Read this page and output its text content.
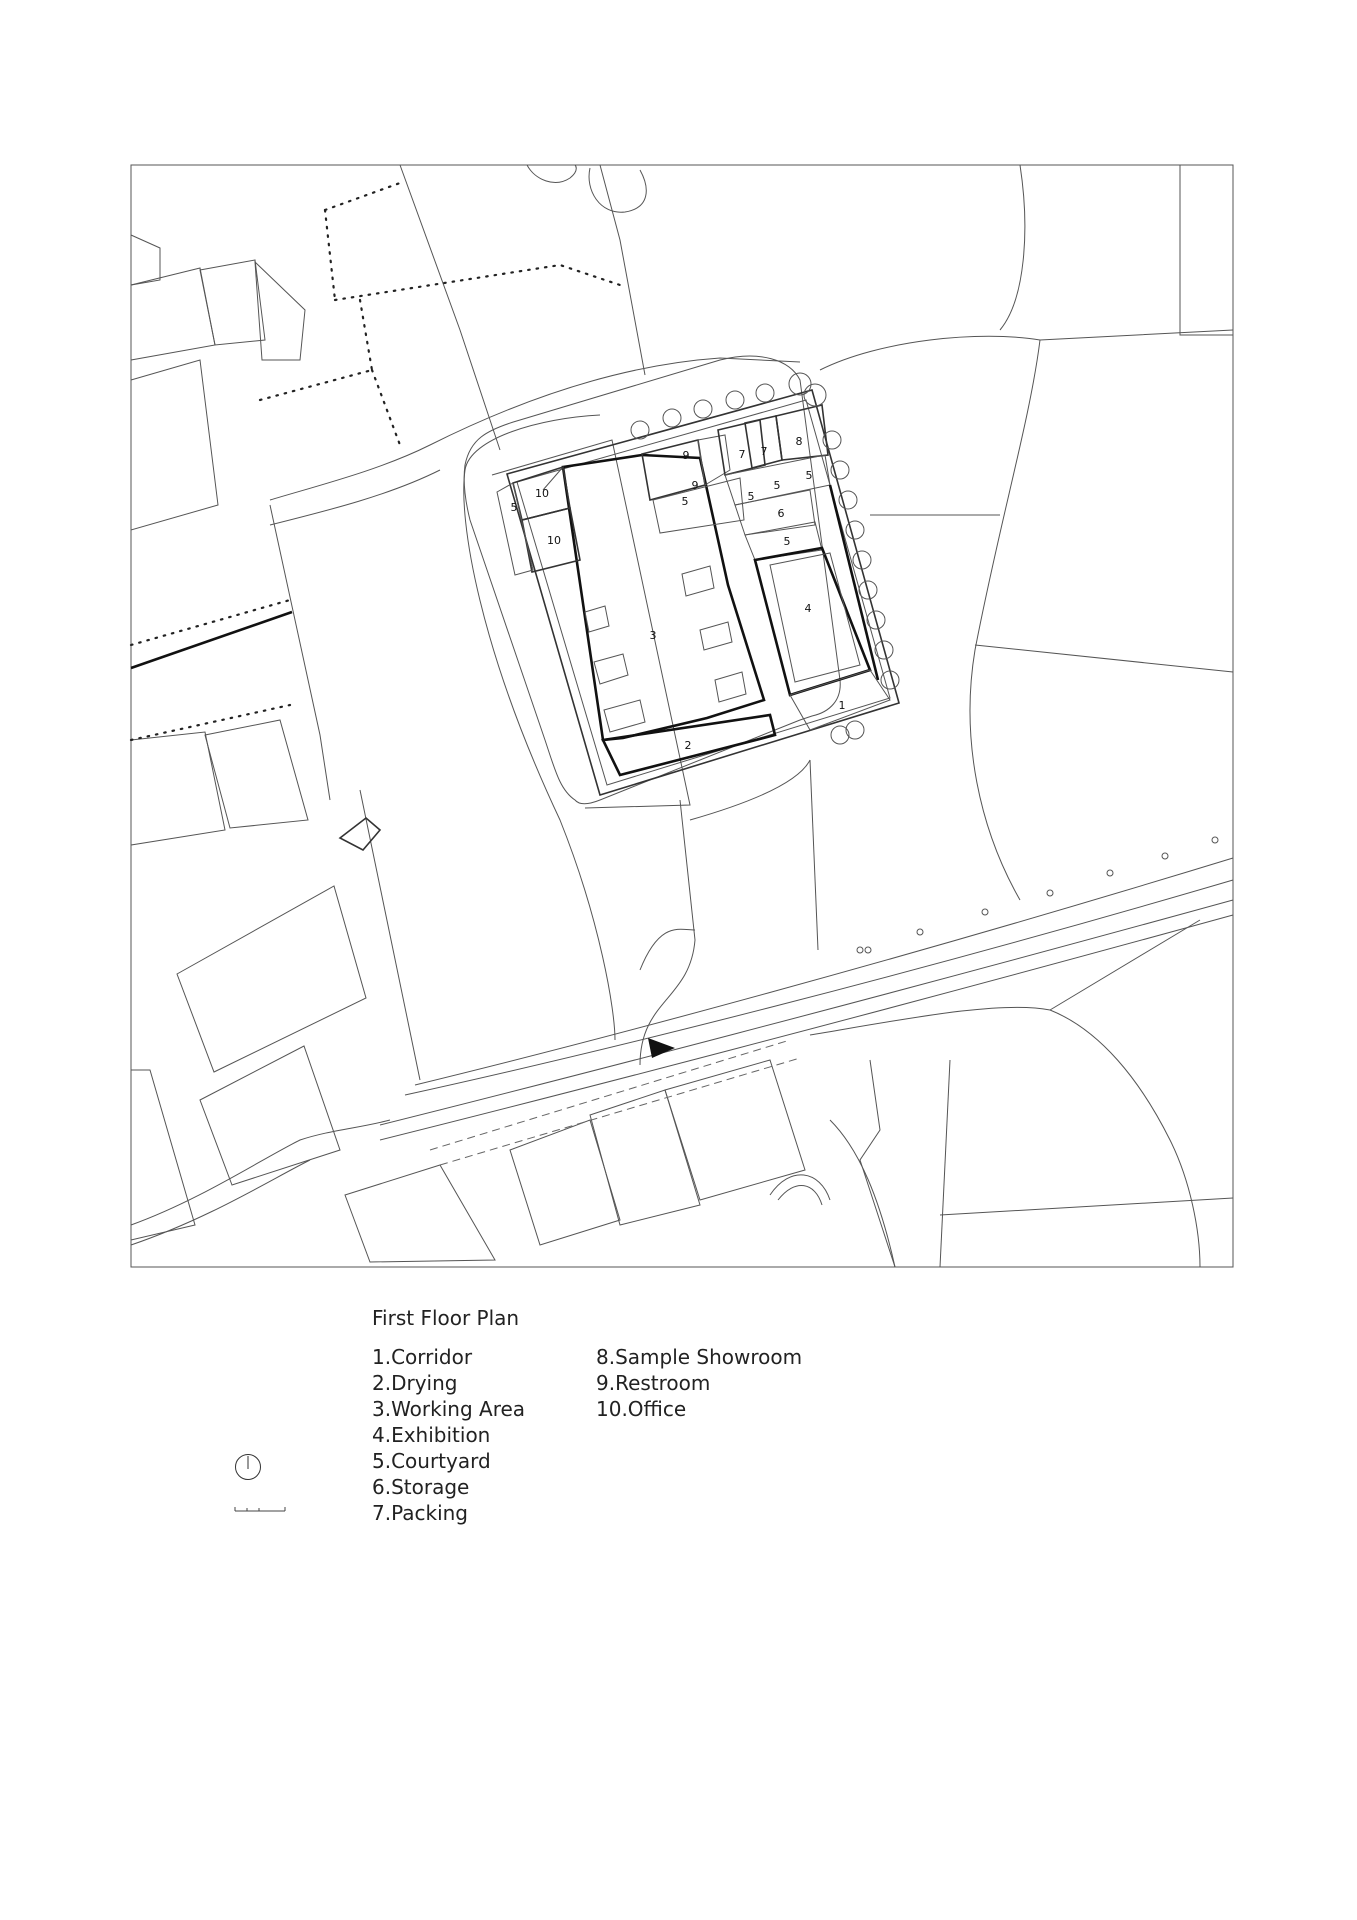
1
2
3
4
5	5	5
5
5
5
6
7 7
8
9
9
10
10
First Floor Plan
1.Corridor
2.Drying
3.Working Area
4.Exhibition
5.Courtyard
6.Storage
7.Packing
8.Sample Showroom
9.Restroom
10.Office
